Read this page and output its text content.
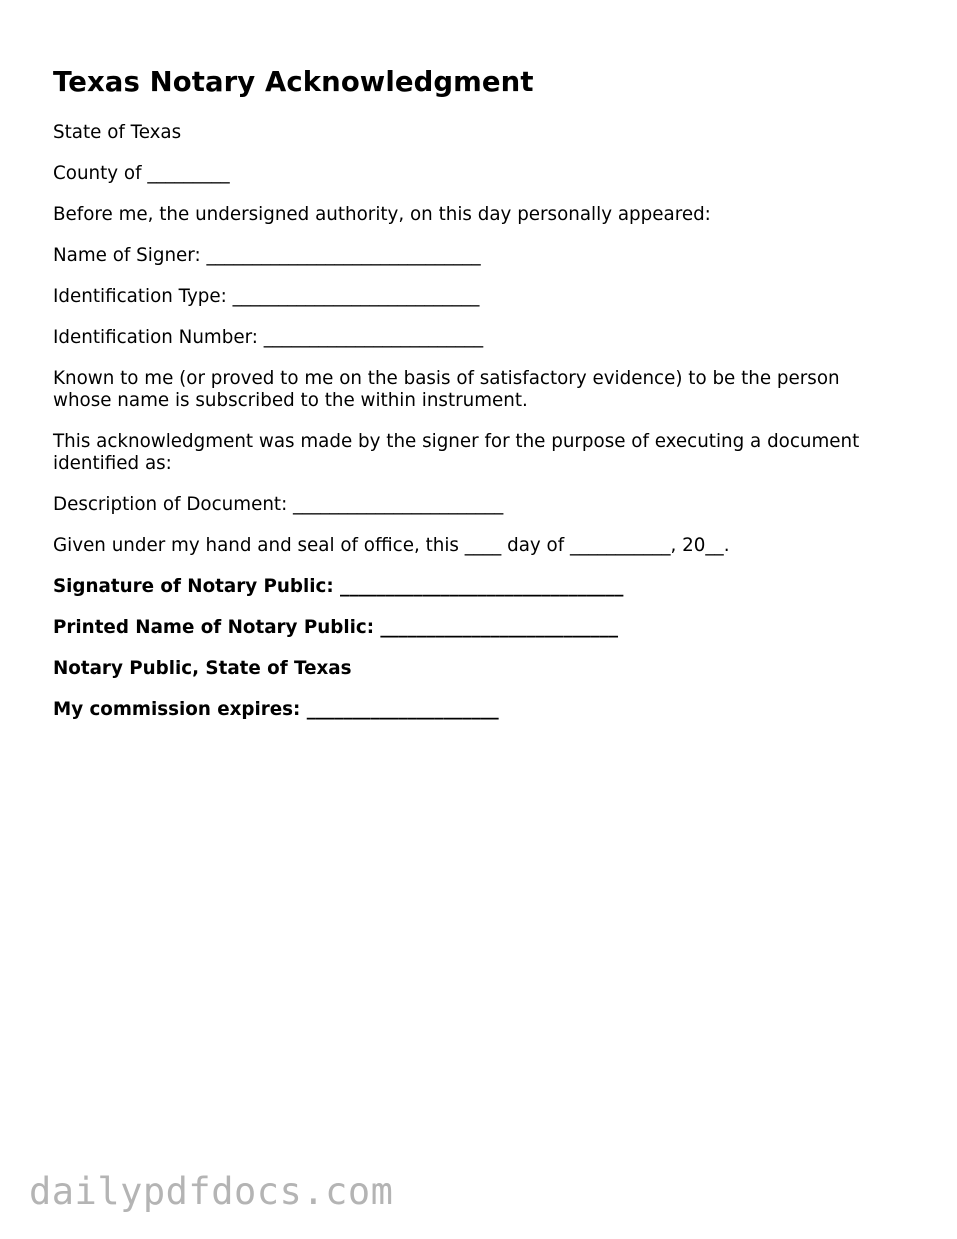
Texas Notary Acknowledgment

State of Texas

County of _________

Before me, the undersigned authority, on this day personally appeared:

Name of Signer: ______________________________

Identification Type: ___________________________

Identification Number: ________________________

Known to me (or proved to me on the basis of satisfactory evidence) to be the person whose name is subscribed to the within instrument.

This acknowledgment was made by the signer for the purpose of executing a document identified as:

Description of Document: _______________________

Given under my hand and seal of office, this ____ day of ___________, 20__.

Signature of Notary Public: _______________________________

Printed Name of Notary Public: __________________________

Notary Public, State of Texas

My commission expires: _____________________

dailypdfdocs.com
